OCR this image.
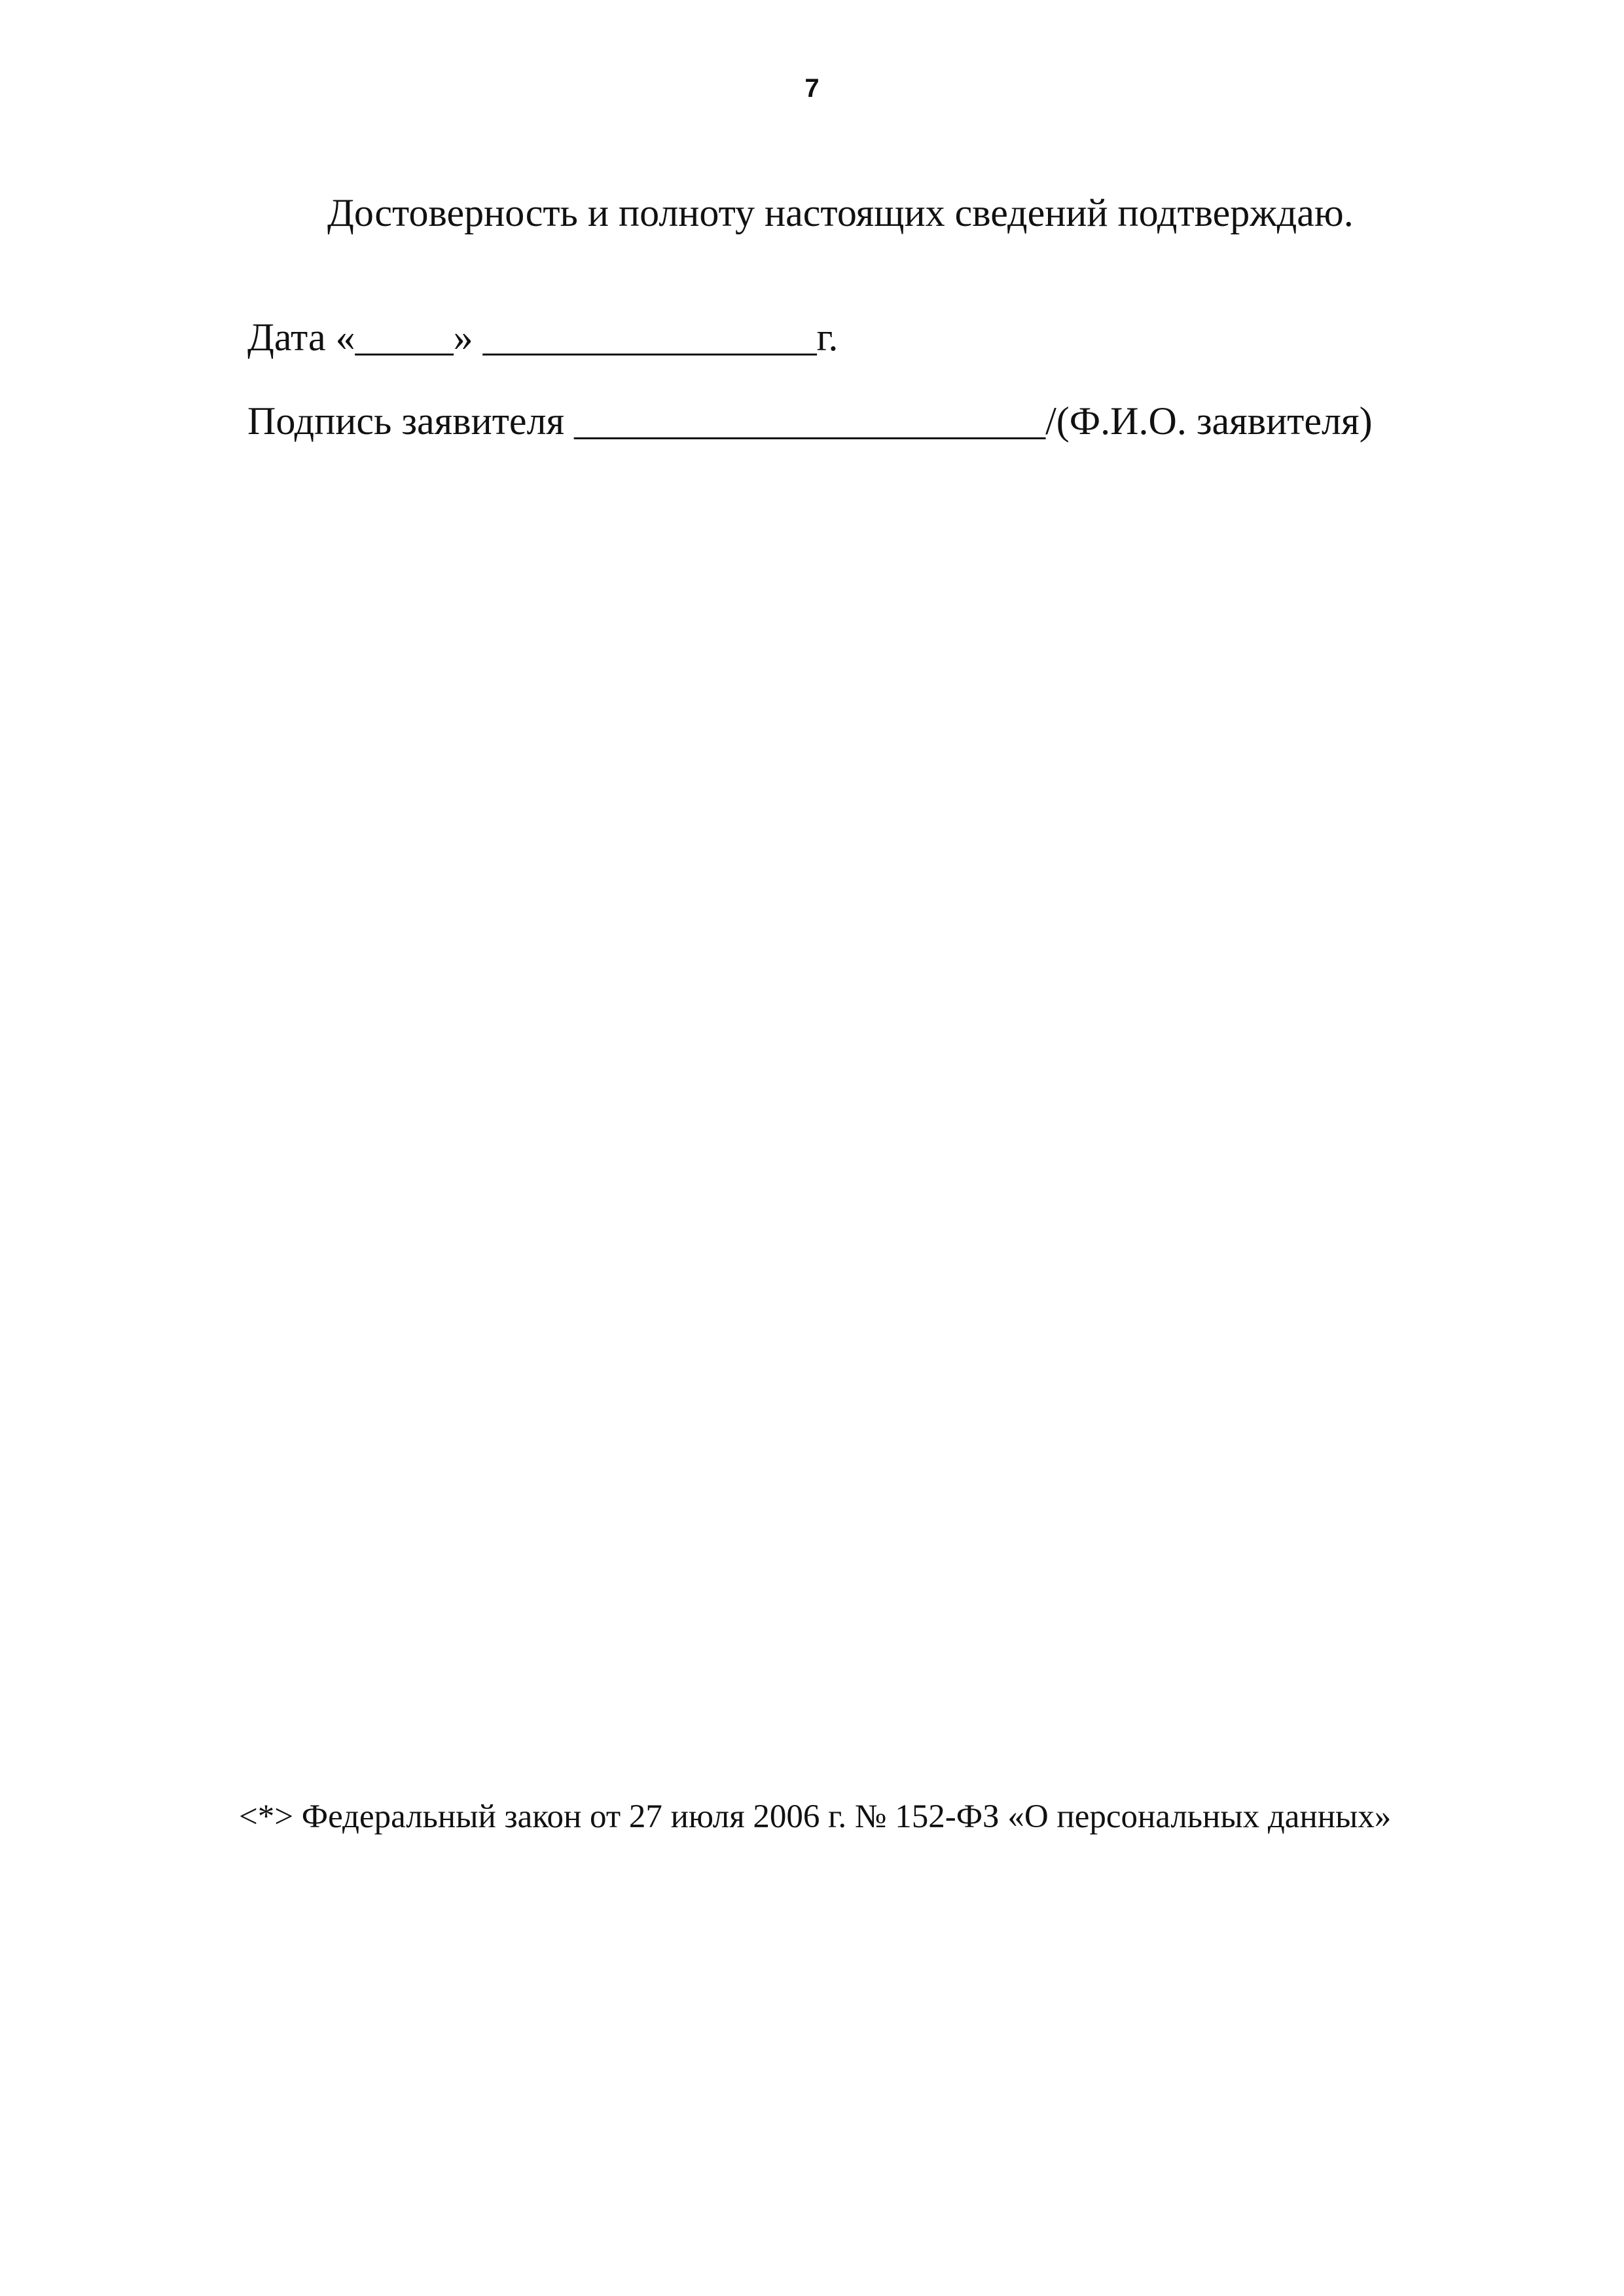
7
Достоверность и полноту настоящих сведений подтверждаю.
Дата «_____» _________________г.
Подпись заявителя ________________________/(Ф.И.О. заявителя)
<*> Федеральный закон от 27 июля 2006 г. № 152-ФЗ «О персональных данных»
